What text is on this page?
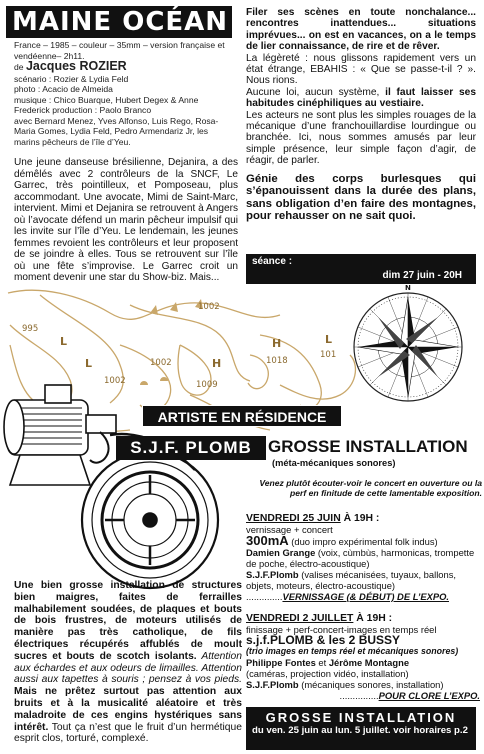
MAINE OCÉAN
France – 1985 – couleur – 35mm – version française et vendéenne– 2h11.
de Jacques ROZIER
scénario : Rozier & Lydia Feld
photo : Acacio de Almeida
musique : Chico Buarque, Hubert Degex & Anne Frederick production : Paolo Branco
avec Bernard Menez, Yves Alfonso, Luis Rego, Rosa-Maria Gomes, Lydia Feld, Pedro Armendariz Jr, les marins pêcheurs de l’île d’Yeu.
Une jeune danseuse brésilienne, Dejanira, a des démêlés avec 2 contrôleurs de la SNCF, Le Garrec, très pointilleux, et Pomposeau, plus accommodant. Une avocate, Mimi de Saint-Marc, intervient. Mimi et Dejanira se retrouvent à Angers où l’avocate défend un marin pêcheur impulsif qui les invite sur l’île d’Yeu. Le lendemain, les jeunes femmes revoient les contrôleurs et leur proposent de se joindre à elles. Tous se retrouvent sur l’île où une fête s’improvise. Le Garrec croit un moment devenir une star du Show-biz. Mais...

Filer ses scènes en toute nonchalance... rencontres inattendues... situations imprévues... on est en vacances, on a le temps de lier connaissance, de rire et de rêver.

La légèreté : nous glissons rapidement vers un état étrange, EBAHIS : « Que se passe-t-il ? ». Nous rions.

Aucune loi, aucun système, il faut laisser ses habitudes cinéphiliques au vestiaire.

Les acteurs ne sont plus les simples rouages de la mécanique d’une franchouillardise lourdingue ou branchée. Ici, nous sommes amusés par leur simple présence, leur simple façon d’agir, de réagir, de parler.

Génie des corps burlesques qui s’épanouissent dans la durée des plans, sans obligation d’en faire des montagnes, pour rehausser on ne sait quoi.

séance :
dim 27 juin - 20H
995
1002
1002	1009
1002	1018
L
L	H
H	L
101
N
ARTISTE EN RÉSIDENCE
S.J.F. PLOMB GROSSE INSTALLATION
(méta-mécaniques sonores)
Venez plutôt écouter-voir le concert en ouverture ou la perf en finitude de cette lamentable exposition.
VENDREDI 25 JUIN À 19H :
vernissage + concert
300mA (duo impro expérimental folk indus)
Damien Grange (voix, cùmbùs, harmonicas, trompette de poche, électro-acoustique)
S.J.F.Plomb (valises mécanisées, tuyaux, ballons, objets, moteurs, électro-acoustique)
..............VERNISSAGE (& DÉBUT) DE L’EXPO.
VENDREDI 2 JUILLET À 19H :
finissage + perf-concert-images en temps réel
s.j.f.PLOMB & les 2 BUSSY
(trio images en temps réel et mécaniques sonores)
Philippe Fontes et Jérôme Montagne
(caméras, projection vidéo, installation)
S.J.F.Plomb (mécaniques sonores, installation)
...............POUR CLORE L’EXPO.
Une bien grosse installation de structures bien maigres, faites de ferrailles malhabilement soudées, de plaques et bouts de bois frustres, de moteurs utilisés de manière pas très catholique, de fils électriques récupérés affublés de moult sucres et bouts de scotch isolants. Attention aux échardes et aux odeurs de limailles. Attention aussi aux tapettes à souris ; pensez à vos pieds. Mais ne prêtez surtout pas attention aux bruits et à la musicalité aléatoire et très maladroite de ces engins hystériques sans intérêt. Tout ça n’est que le fruit d’un hermétique esprit clos, torturé, complexé.
GROSSE INSTALLATION
du ven. 25 juin au lun. 5 juillet. voir horaires p.2
